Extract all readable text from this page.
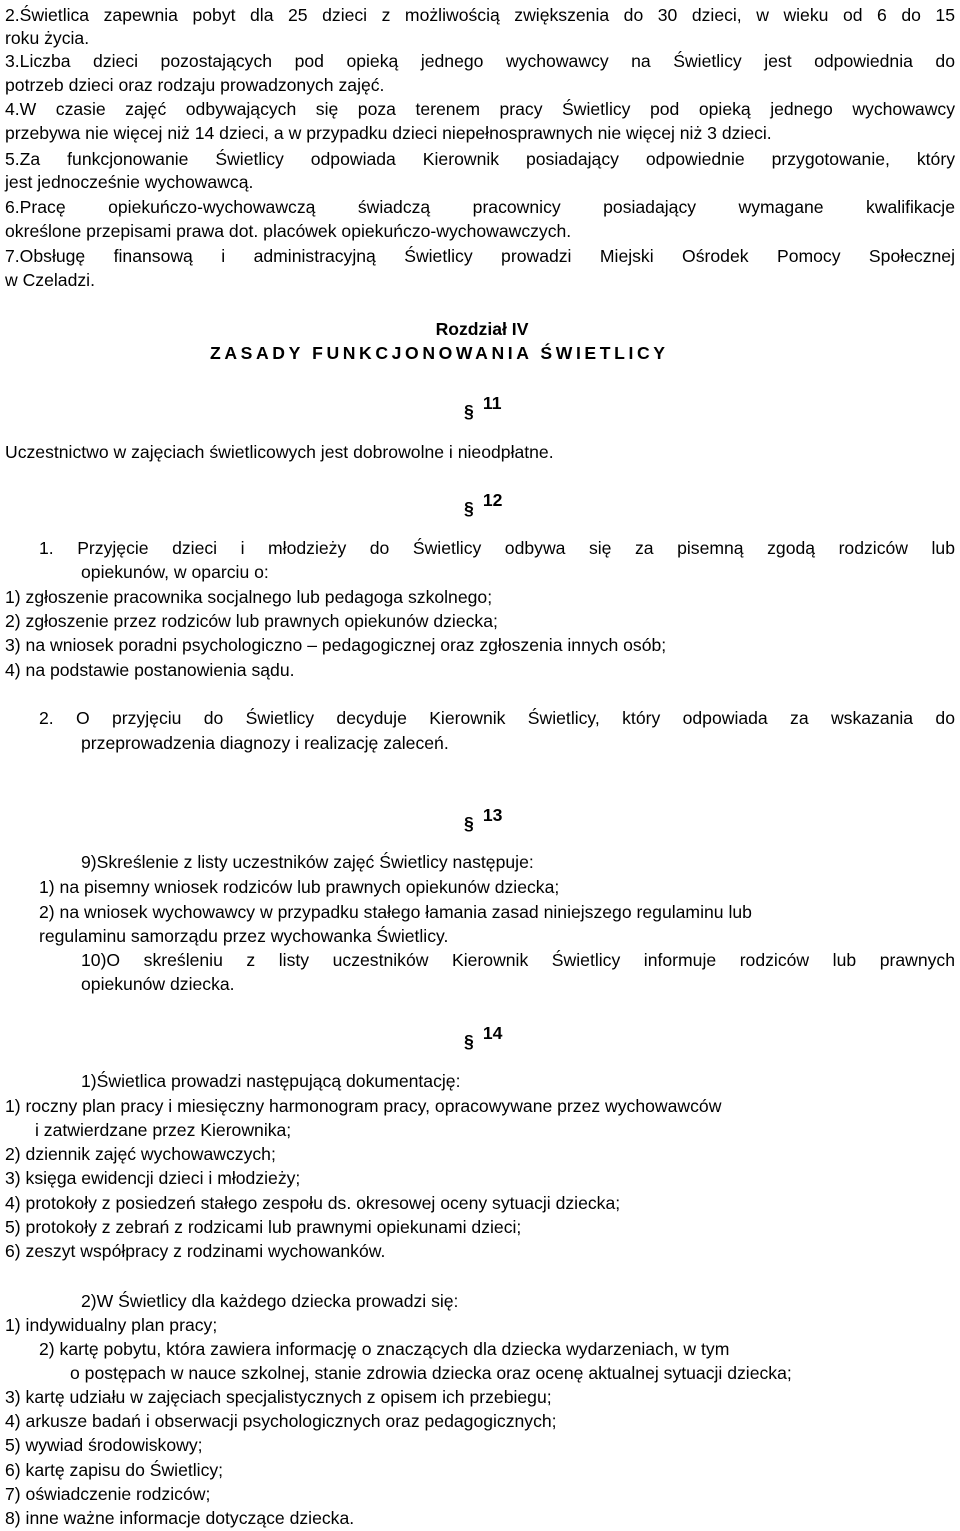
2.Świetlica zapewnia pobyt dla 25 dzieci z możliwością zwiększenia do 30 dzieci, w wieku od 6 do 15
roku życia.
3.Liczba dzieci pozostających pod opieką jednego wychowawcy na Świetlicy jest odpowiednia do
potrzeb dzieci oraz rodzaju prowadzonych zajęć.
4.W czasie zajęć odbywających się poza terenem pracy Świetlicy pod opieką jednego wychowawcy
przebywa nie więcej niż 14 dzieci, a w przypadku dzieci niepełnosprawnych nie więcej niż 3 dzieci.
5.Za funkcjonowanie Świetlicy odpowiada Kierownik posiadający odpowiednie przygotowanie, który
jest jednocześnie wychowawcą.
6.Pracę opiekuńczo-wychowawczą świadczą pracownicy posiadający wymagane kwalifikacje
określone przepisami prawa dot. placówek opiekuńczo-wychowawczych.
7.Obsługę finansową i administracyjną Świetlicy prowadzi Miejski Ośrodek Pomocy Społecznej
w Czeladzi.
Rozdział IV
ZASADY FUNKCJONOWANIA ŚWIETLICY
§ 11
Uczestnictwo w zajęciach świetlicowych jest dobrowolne i nieodpłatne.
§ 12
1. Przyjęcie dzieci i młodzieży do Świetlicy odbywa się za pisemną zgodą rodziców lub
opiekunów, w oparciu o:
1) zgłoszenie pracownika socjalnego lub pedagoga szkolnego;
2) zgłoszenie przez rodziców lub prawnych opiekunów dziecka;
3) na wniosek poradni psychologiczno – pedagogicznej oraz zgłoszenia innych osób;
4) na podstawie postanowienia sądu.
2. O przyjęciu do Świetlicy decyduje Kierownik Świetlicy, który odpowiada za wskazania do
przeprowadzenia diagnozy i realizację zaleceń.
§ 13
9)Skreślenie z listy uczestników zajęć Świetlicy następuje:
1) na pisemny wniosek rodziców lub prawnych opiekunów dziecka;
2) na wniosek wychowawcy w przypadku stałego łamania zasad niniejszego regulaminu lub
regulaminu samorządu przez wychowanka Świetlicy.
10)O skreśleniu z listy uczestników Kierownik Świetlicy informuje rodziców lub prawnych
opiekunów dziecka.
§ 14
1)Świetlica prowadzi następującą dokumentację:
1) roczny plan pracy i miesięczny harmonogram pracy, opracowywane przez wychowawców
i zatwierdzane przez Kierownika;
2) dziennik zajęć wychowawczych;
3) księga ewidencji dzieci i młodzieży;
4) protokoły z posiedzeń stałego zespołu ds. okresowej oceny sytuacji dziecka;
5) protokoły z zebrań z rodzicami lub prawnymi opiekunami dzieci;
6) zeszyt współpracy z rodzinami wychowanków.
2)W Świetlicy dla każdego dziecka prowadzi się:
1) indywidualny plan pracy;
2) kartę pobytu, która zawiera informację o znaczących dla dziecka wydarzeniach, w tym
o postępach w nauce szkolnej, stanie zdrowia dziecka oraz ocenę aktualnej sytuacji dziecka;
3) kartę udziału w zajęciach specjalistycznych z opisem ich przebiegu;
4) arkusze badań i obserwacji psychologicznych oraz pedagogicznych;
5) wywiad środowiskowy;
6) kartę zapisu do Świetlicy;
7) oświadczenie rodziców;
8) inne ważne informacje dotyczące dziecka.
